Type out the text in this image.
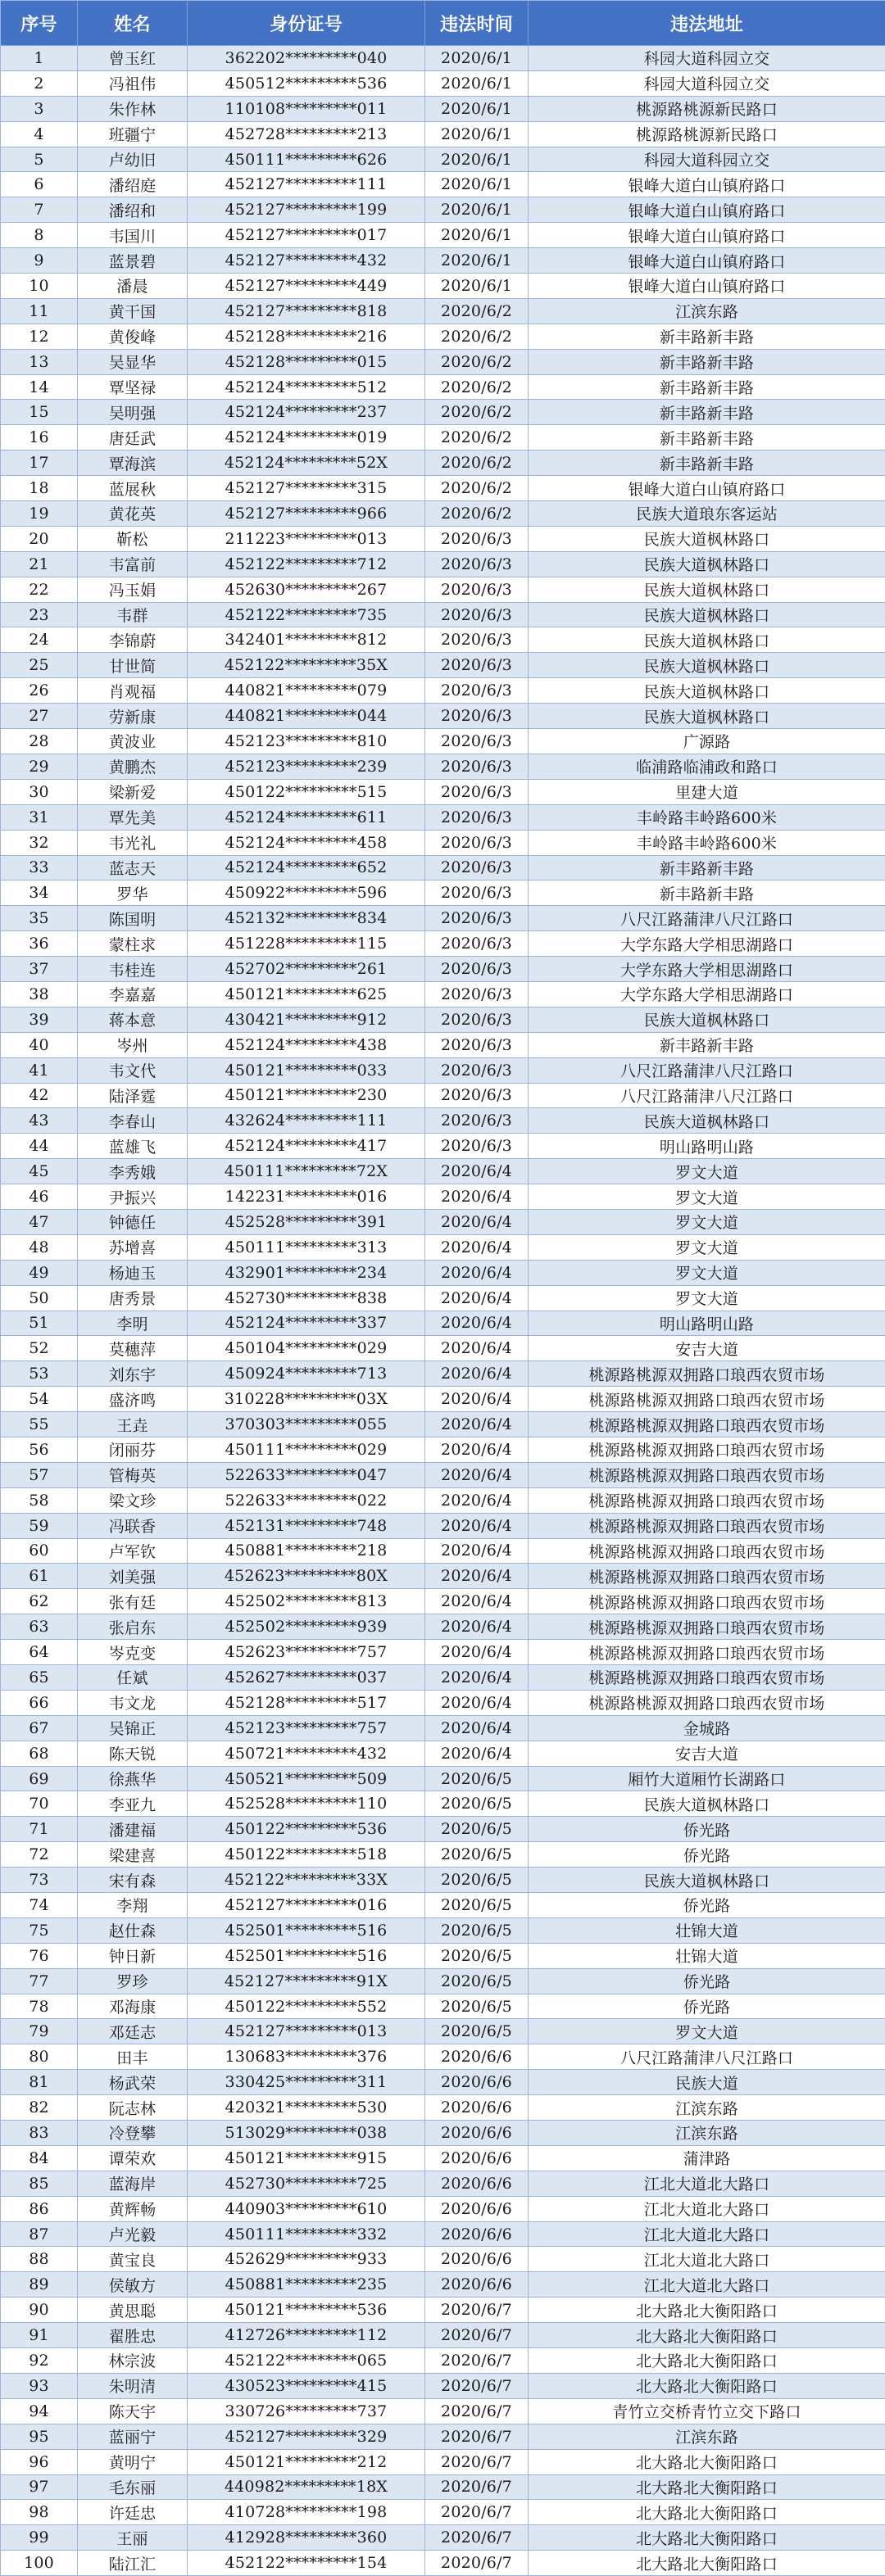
序号	姓名	身份证号	违法时间	违法地址
1	曾玉红	362202*********040	2020/6/1	科园大道科园立交
2	冯祖伟	450512*********536	2020/6/1	科园大道科园立交
3	朱作林	110108*********011	2020/6/1	桃源路桃源新民路口
4	班疆宁	452728*********213	2020/6/1	桃源路桃源新民路口
5	卢幼旧	450111*********626	2020/6/1	科园大道科园立交
6	潘绍庭	452127*********111	2020/6/1	银峰大道白山镇府路口
7	潘绍和	452127*********199	2020/6/1	银峰大道白山镇府路口
8	韦国川	452127*********017	2020/6/1	银峰大道白山镇府路口
9	蓝景碧	452127*********432	2020/6/1	银峰大道白山镇府路口
10	潘晨	452127*********449	2020/6/1	银峰大道白山镇府路口
11	黄干国	452127*********818	2020/6/2	江滨东路
12	黄俊峰	452128*********216	2020/6/2	新丰路新丰路
13	吴显华	452128*********015	2020/6/2	新丰路新丰路
14	覃坚禄	452124*********512	2020/6/2	新丰路新丰路
15	吴明强	452124*********237	2020/6/2	新丰路新丰路
16	唐廷武	452124*********019	2020/6/2	新丰路新丰路
17	覃海滨	452124*********52X	2020/6/2	新丰路新丰路
18	蓝展秋	452127*********315	2020/6/2	银峰大道白山镇府路口
19	黄花英	452127*********966	2020/6/2	民族大道琅东客运站
20	靳松	211223*********013	2020/6/3	民族大道枫林路口
21	韦富前	452122*********712	2020/6/3	民族大道枫林路口
22	冯玉娟	452630*********267	2020/6/3	民族大道枫林路口
23	韦群	452122*********735	2020/6/3	民族大道枫林路口
24	李锦蔚	342401*********812	2020/6/3	民族大道枫林路口
25	甘世简	452122*********35X	2020/6/3	民族大道枫林路口
26	肖观福	440821*********079	2020/6/3	民族大道枫林路口
27	劳新康	440821*********044	2020/6/3	民族大道枫林路口
28	黄波业	452123*********810	2020/6/3	广源路
29	黄鹏杰	452123*********239	2020/6/3	临浦路临浦政和路口
30	梁新爱	450122*********515	2020/6/3	里建大道
31	覃先美	452124*********611	2020/6/3	丰岭路丰岭路600米
32	韦光礼	452124*********458	2020/6/3	丰岭路丰岭路600米
33	蓝志天	452124*********652	2020/6/3	新丰路新丰路
34	罗华	450922*********596	2020/6/3	新丰路新丰路
35	陈国明	452132*********834	2020/6/3	八尺江路蒲津八尺江路口
36	蒙柱求	451228*********115	2020/6/3	大学东路大学相思湖路口
37	韦桂连	452702*********261	2020/6/3	大学东路大学相思湖路口
38	李嘉嘉	450121*********625	2020/6/3	大学东路大学相思湖路口
39	蒋本意	430421*********912	2020/6/3	民族大道枫林路口
40	岑州	452124*********438	2020/6/3	新丰路新丰路
41	韦文代	450121*********033	2020/6/3	八尺江路蒲津八尺江路口
42	陆泽霆	450121*********230	2020/6/3	八尺江路蒲津八尺江路口
43	李春山	432624*********111	2020/6/3	民族大道枫林路口
44	蓝雄飞	452124*********417	2020/6/3	明山路明山路
45	李秀娥	450111*********72X	2020/6/4	罗文大道
46	尹振兴	142231*********016	2020/6/4	罗文大道
47	钟德任	452528*********391	2020/6/4	罗文大道
48	苏增喜	450111*********313	2020/6/4	罗文大道
49	杨迪玉	432901*********234	2020/6/4	罗文大道
50	唐秀景	452730*********838	2020/6/4	罗文大道
51	李明	452124*********337	2020/6/4	明山路明山路
52	莫穗萍	450104*********029	2020/6/4	安吉大道
53	刘东宇	450924*********713	2020/6/4	桃源路桃源双拥路口琅西农贸市场
54	盛济鸣	310228*********03X	2020/6/4	桃源路桃源双拥路口琅西农贸市场
55	王垚	370303*********055	2020/6/4	桃源路桃源双拥路口琅西农贸市场
56	闭丽芬	450111*********029	2020/6/4	桃源路桃源双拥路口琅西农贸市场
57	管梅英	522633*********047	2020/6/4	桃源路桃源双拥路口琅西农贸市场
58	梁文珍	522633*********022	2020/6/4	桃源路桃源双拥路口琅西农贸市场
59	冯联香	452131*********748	2020/6/4	桃源路桃源双拥路口琅西农贸市场
60	卢军钦	450881*********218	2020/6/4	桃源路桃源双拥路口琅西农贸市场
61	刘美强	452623*********80X	2020/6/4	桃源路桃源双拥路口琅西农贸市场
62	张有廷	452502*********813	2020/6/4	桃源路桃源双拥路口琅西农贸市场
63	张启东	452502*********939	2020/6/4	桃源路桃源双拥路口琅西农贸市场
64	岑克变	452623*********757	2020/6/4	桃源路桃源双拥路口琅西农贸市场
65	任斌	452627*********037	2020/6/4	桃源路桃源双拥路口琅西农贸市场
66	韦文龙	452128*********517	2020/6/4	桃源路桃源双拥路口琅西农贸市场
67	吴锦正	452123*********757	2020/6/4	金城路
68	陈天锐	450721*********432	2020/6/4	安吉大道
69	徐燕华	450521*********509	2020/6/5	厢竹大道厢竹长湖路口
70	李亚九	452528*********110	2020/6/5	民族大道枫林路口
71	潘建福	450122*********536	2020/6/5	侨光路
72	梁建喜	450122*********518	2020/6/5	侨光路
73	宋有森	452122*********33X	2020/6/5	民族大道枫林路口
74	李翔	452127*********016	2020/6/5	侨光路
75	赵仕森	452501*********516	2020/6/5	壮锦大道
76	钟日新	452501*********516	2020/6/5	壮锦大道
77	罗珍	452127*********91X	2020/6/5	侨光路
78	邓海康	450122*********552	2020/6/5	侨光路
79	邓廷志	452127*********013	2020/6/5	罗文大道
80	田丰	130683*********376	2020/6/6	八尺江路蒲津八尺江路口
81	杨武荣	330425*********311	2020/6/6	民族大道
82	阮志林	420321*********530	2020/6/6	江滨东路
83	冷登攀	513029*********038	2020/6/6	江滨东路
84	谭荣欢	450121*********915	2020/6/6	蒲津路
85	蓝海岸	452730*********725	2020/6/6	江北大道北大路口
86	黄辉畅	440903*********610	2020/6/6	江北大道北大路口
87	卢光毅	450111*********332	2020/6/6	江北大道北大路口
88	黄宝良	452629*********933	2020/6/6	江北大道北大路口
89	侯敏方	450881*********235	2020/6/6	江北大道北大路口
90	黄思聪	450121*********536	2020/6/7	北大路北大衡阳路口
91	翟胜忠	412726*********112	2020/6/7	北大路北大衡阳路口
92	林宗波	452122*********065	2020/6/7	北大路北大衡阳路口
93	朱明清	430523*********415	2020/6/7	北大路北大衡阳路口
94	陈天宇	330726*********737	2020/6/7	青竹立交桥青竹立交下路口
95	蓝丽宁	452127*********329	2020/6/7	江滨东路
96	黄明宁	450121*********212	2020/6/7	北大路北大衡阳路口
97	毛东丽	440982*********18X	2020/6/7	北大路北大衡阳路口
98	许廷忠	410728*********198	2020/6/7	北大路北大衡阳路口
99	王丽	412928*********360	2020/6/7	北大路北大衡阳路口
100	陆江汇	452122*********154	2020/6/7	北大路北大衡阳路口
